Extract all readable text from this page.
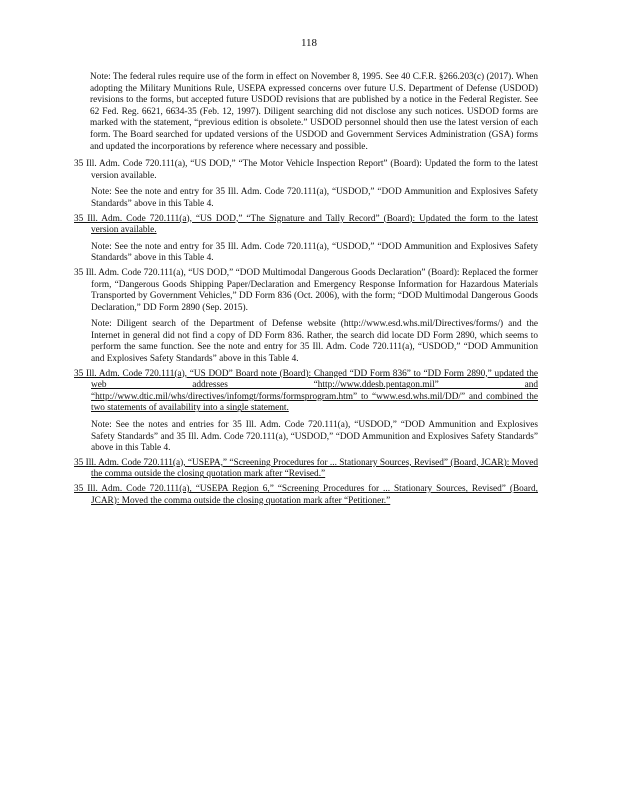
118

Note: The federal rules require use of the form in effect on November 8, 1995. See 40 C.F.R. §266.203(c) (2017). When adopting the Military Munitions Rule, USEPA expressed concerns over future U.S. Department of Defense (USDOD) revisions to the forms, but accepted future USDOD revisions that are published by a notice in the Federal Register. See 62 Fed. Reg. 6621, 6634-35 (Feb. 12, 1997). Diligent searching did not disclose any such notices. USDOD forms are marked with the statement, “previous edition is obsolete.” USDOD personnel should then use the latest version of each form. The Board searched for updated versions of the USDOD and Government Services Administration (GSA) forms and updated the incorporations by reference where necessary and possible.

35 Ill. Adm. Code 720.111(a), “US DOD,” “The Motor Vehicle Inspection Report” (Board): Updated the form to the latest version available.

Note: See the note and entry for 35 Ill. Adm. Code 720.111(a), “USDOD,” “DOD Ammunition and Explosives Safety Standards” above in this Table 4.

35 Ill. Adm. Code 720.111(a), “US DOD,” “The Signature and Tally Record” (Board): Updated the form to the latest version available.

Note: See the note and entry for 35 Ill. Adm. Code 720.111(a), “USDOD,” “DOD Ammunition and Explosives Safety Standards” above in this Table 4.

35 Ill. Adm. Code 720.111(a), “US DOD,” “DOD Multimodal Dangerous Goods Declaration” (Board): Replaced the former form, “Dangerous Goods Shipping Paper/Declaration and Emergency Response Information for Hazardous Materials Transported by Government Vehicles,” DD Form 836 (Oct. 2006), with the form; “DOD Multimodal Dangerous Goods Declaration,” DD Form 2890 (Sep. 2015).

Note: Diligent search of the Department of Defense website (http://www.esd.whs.mil/Directives/forms/) and the Internet in general did not find a copy of DD Form 836. Rather, the search did locate DD Form 2890, which seems to perform the same function. See the note and entry for 35 Ill. Adm. Code 720.111(a), “USDOD,” “DOD Ammunition and Explosives Safety Standards” above in this Table 4.

35 Ill. Adm. Code 720.111(a), “US DOD” Board note (Board): Changed “DD Form 836” to “DD Form 2890,” updated the web addresses “http://www.ddesb.pentagon.mil” and “http://www.dtic.mil/whs/directives/infomgt/forms/formsprogram.htm” to “www.esd.whs.mil/DD/” and combined the two statements of availability into a single statement.

Note: See the notes and entries for 35 Ill. Adm. Code 720.111(a), “USDOD,” “DOD Ammunition and Explosives Safety Standards” and 35 Ill. Adm. Code 720.111(a), “USDOD,” “DOD Ammunition and Explosives Safety Standards” above in this Table 4.

35 Ill. Adm. Code 720.111(a), “USEPA,” “Screening Procedures for ... Stationary Sources, Revised” (Board, JCAR): Moved the comma outside the closing quotation mark after “Revised.”

35 Ill. Adm. Code 720.111(a), “USEPA Region 6,” “Screening Procedures for ... Stationary Sources, Revised” (Board, JCAR): Moved the comma outside the closing quotation mark after “Petitioner.”
